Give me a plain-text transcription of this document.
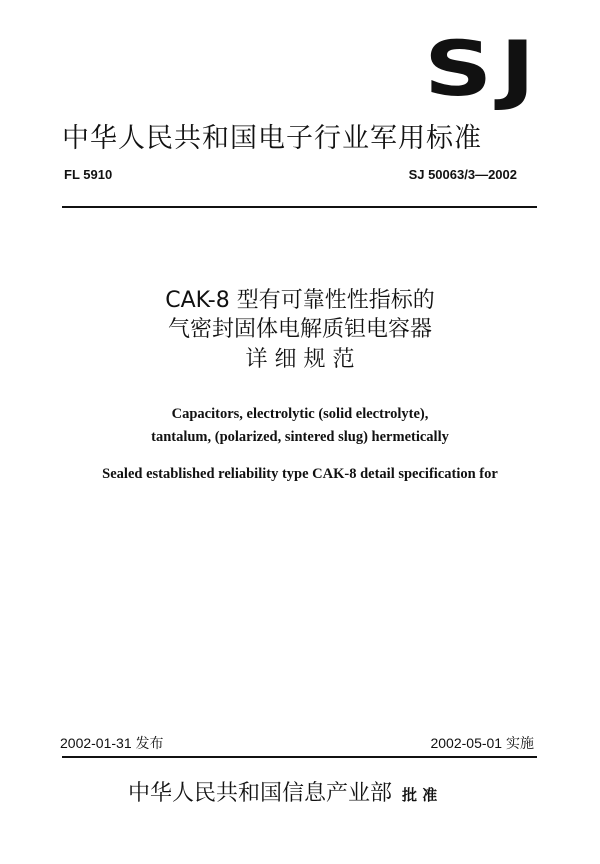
SJ
中华人民共和国电子行业军用标准
FL 5910	SJ 50063/3—2002
CAK-8 型有可靠性性指标的
气密封固体电解质钽电容器
详 细 规 范
Capacitors, electrolytic (solid electrolyte),
tantalum, (polarized, sintered slug) hermetically
Sealed established reliability type CAK-8 detail specification for
2002-01-31 发布	2002-05-01 实施
中华人民共和国信息产业部 批 准
